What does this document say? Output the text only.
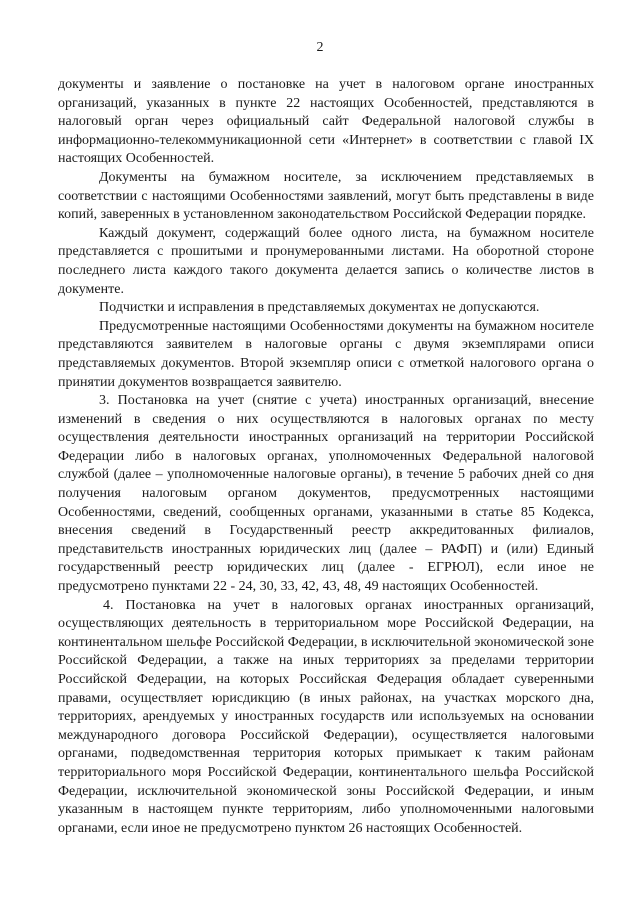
2

документы и заявление о постановке на учет в налоговом органе иностранных организаций, указанных в пункте 22 настоящих Особенностей, представляются в налоговый орган через официальный сайт Федеральной налоговой службы в информационно-телекоммуникационной сети «Интернет» в соответствии с главой IX настоящих Особенностей.

Документы на бумажном носителе, за исключением представляемых в соответствии с настоящими Особенностями заявлений, могут быть представлены в виде копий, заверенных в установленном законодательством Российской Федерации порядке.

Каждый документ, содержащий более одного листа, на бумажном носителе представляется с прошитыми и пронумерованными листами. На оборотной стороне последнего листа каждого такого документа делается запись о количестве листов в документе.

Подчистки и исправления в представляемых документах не допускаются.

Предусмотренные настоящими Особенностями документы на бумажном носителе представляются заявителем в налоговые органы с двумя экземплярами описи представляемых документов. Второй экземпляр описи с отметкой налогового органа о принятии документов возвращается заявителю.

3. Постановка на учет (снятие с учета) иностранных организаций, внесение изменений в сведения о них осуществляются в налоговых органах по месту осуществления деятельности иностранных организаций на территории Российской Федерации либо в налоговых органах, уполномоченных Федеральной налоговой службой (далее – уполномоченные налоговые органы), в течение 5 рабочих дней со дня получения налоговым органом документов, предусмотренных настоящими Особенностями, сведений, сообщенных органами, указанными в статье 85 Кодекса, внесения сведений в Государственный реестр аккредитованных филиалов, представительств иностранных юридических лиц (далее – РАФП) и (или) Единый государственный реестр юридических лиц (далее - ЕГРЮЛ), если иное не предусмотрено пунктами 22 - 24, 30, 33, 42, 43, 48, 49 настоящих Особенностей.

4. Постановка на учет в налоговых органах иностранных организаций, осуществляющих деятельность в территориальном море Российской Федерации, на континентальном шельфе Российской Федерации, в исключительной экономической зоне Российской Федерации, а также на иных территориях за пределами территории Российской Федерации, на которых Российская Федерация обладает суверенными правами, осуществляет юрисдикцию (в иных районах, на участках морского дна, территориях, арендуемых у иностранных государств или используемых на основании международного договора Российской Федерации), осуществляется налоговыми органами, подведомственная территория которых примыкает к таким районам территориального моря Российской Федерации, континентального шельфа Российской Федерации, исключительной экономической зоны Российской Федерации, и иным указанным в настоящем пункте территориям, либо уполномоченными налоговыми органами, если иное не предусмотрено пунктом 26 настоящих Особенностей.
